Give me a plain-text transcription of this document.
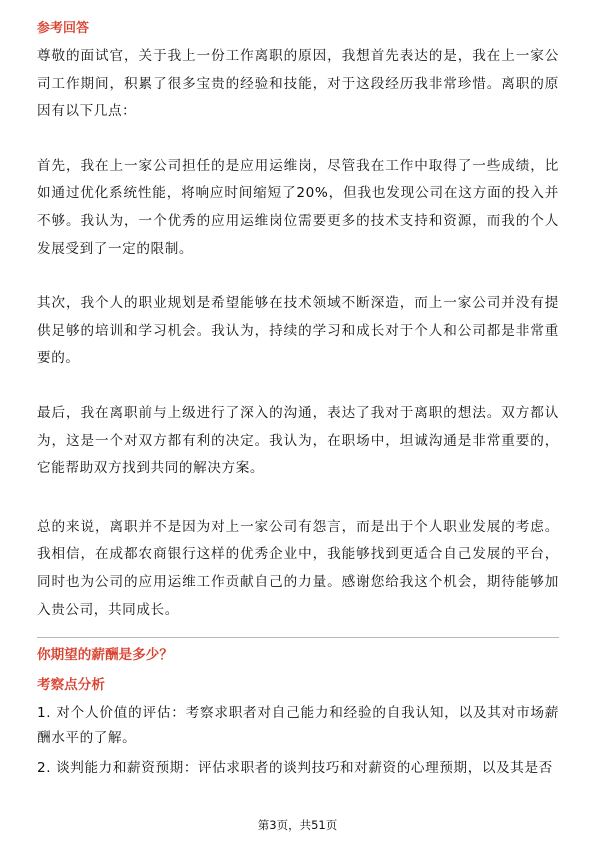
参考回答

尊敬的面试官，关于我上一份工作离职的原因，我想首先表达的是，我在上一家公司工作期间，积累了很多宝贵的经验和技能，对于这段经历我非常珍惜。离职的原因有以下几点：

首先，我在上一家公司担任的是应用运维岗，尽管我在工作中取得了一些成绩，比如通过优化系统性能，将响应时间缩短了20%，但我也发现公司在这方面的投入并不够。我认为，一个优秀的应用运维岗位需要更多的技术支持和资源，而我的个人发展受到了一定的限制。

其次，我个人的职业规划是希望能够在技术领域不断深造，而上一家公司并没有提供足够的培训和学习机会。我认为，持续的学习和成长对于个人和公司都是非常重要的。

最后，我在离职前与上级进行了深入的沟通，表达了我对于离职的想法。双方都认为，这是一个对双方都有利的决定。我认为，在职场中，坦诚沟通是非常重要的，它能帮助双方找到共同的解决方案。

总的来说，离职并不是因为对上一家公司有怨言，而是出于个人职业发展的考虑。我相信，在成都农商银行这样的优秀企业中，我能够找到更适合自己发展的平台，同时也为公司的应用运维工作贡献自己的力量。感谢您给我这个机会，期待能够加入贵公司，共同成长。

你期望的薪酬是多少？

考察点分析

1. 对个人价值的评估：考察求职者对自己能力和经验的自我认知，以及其对市场薪酬水平的了解。

2. 谈判能力和薪资预期：评估求职者的谈判技巧和对薪资的心理预期，以及其是否

第3页，共51页
